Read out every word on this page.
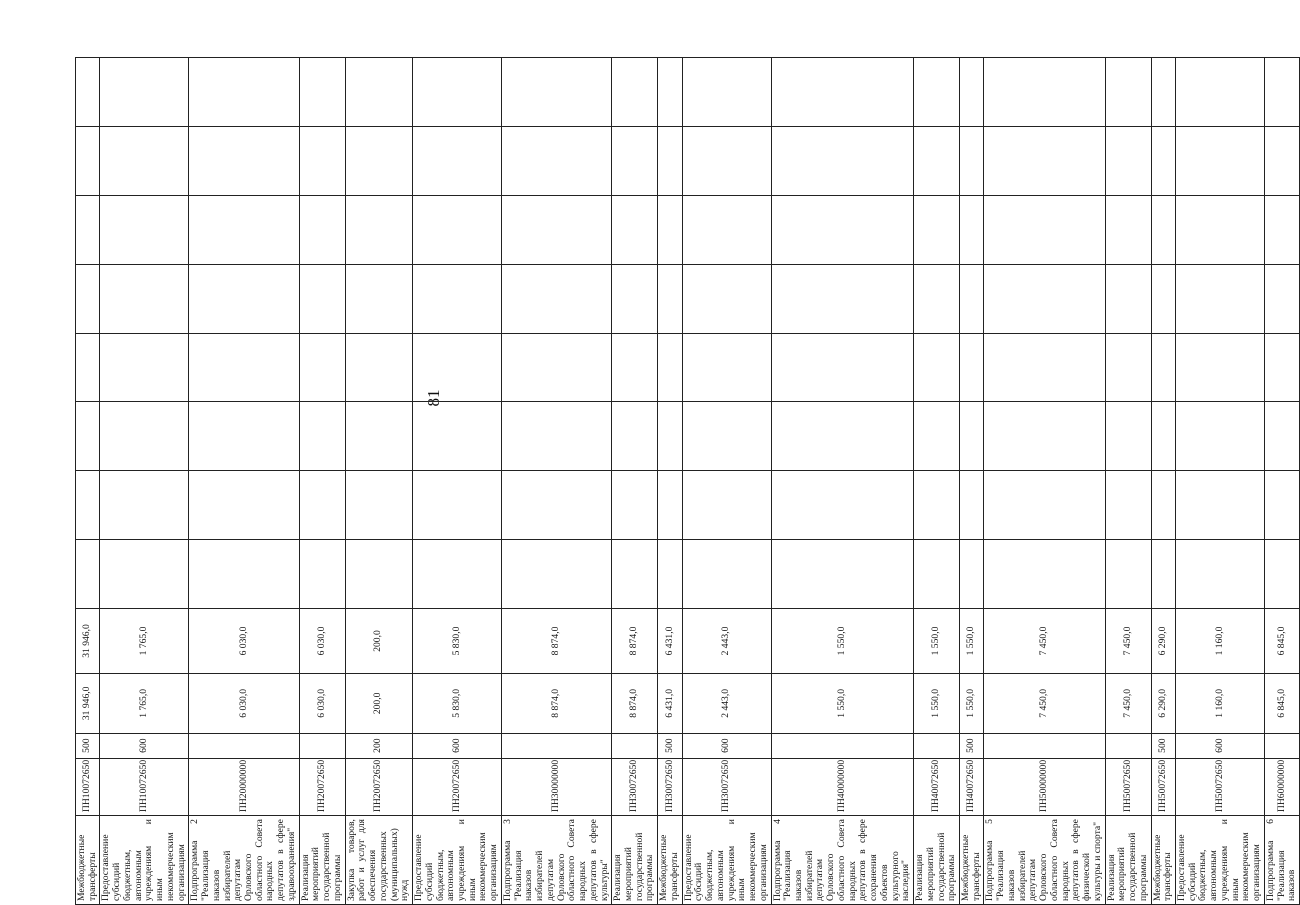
81
Межбюджетные трансферты	ПН10072650	500	31 946,0	31 946,0								
Предоставление субсидий бюджетным, автономным учреждениям и иным некоммерческим организациям	ПН10072650	600	1 765,0	1 765,0								
Подпрограмма 2 "Реализация наказов избирателей депутатам Орловского областного Совета народных депутатов в сфере здравоохранения"	ПН20000000		6 030,0	6 030,0								
Реализация мероприятий государственной программы	ПН20072650		6 030,0	6 030,0								
Закупка товаров, работ и услуг для обеспечения государственных (муниципальных) нужд	ПН20072650	200	200,0	200,0								
Предоставление субсидий бюджетным, автономным учреждениям и иным некоммерческим организациям	ПН20072650	600	5 830,0	5 830,0								
Подпрограмма 3 "Реализация наказов избирателей депутатам Орловского областного Совета народных депутатов в сфере культуры"	ПН30000000		8 874,0	8 874,0								
Реализация мероприятий государственной программы	ПН30072650		8 874,0	8 874,0								
Межбюджетные трансферты	ПН30072650	500	6 431,0	6 431,0								
Предоставление субсидий бюджетным, автономным учреждениям и иным некоммерческим организациям	ПН30072650	600	2 443,0	2 443,0								
Подпрограмма 4 "Реализация наказов избирателей депутатам Орловского областного Совета народных депутатов в сфере сохранения объектов культурного наследия"	ПН40000000		1 550,0	1 550,0								
Реализация мероприятий государственной программы	ПН40072650		1 550,0	1 550,0								
Межбюджетные трансферты	ПН40072650	500	1 550,0	1 550,0								
Подпрограмма 5 "Реализация наказов избирателей депутатам Орловского областного Совета народных депутатов в сфере физической культуры и спорта"	ПН50000000		7 450,0	7 450,0								
Реализация мероприятий государственной программы	ПН50072650		7 450,0	7 450,0								
Межбюджетные трансферты	ПН50072650	500	6 290,0	6 290,0								
Предоставление субсидий бюджетным, автономным учреждениям и иным некоммерческим организациям	ПН50072650	600	1 160,0	1 160,0								
Подпрограмма 6 "Реализация наказов	ПН60000000		6 845,0	6 845,0								
